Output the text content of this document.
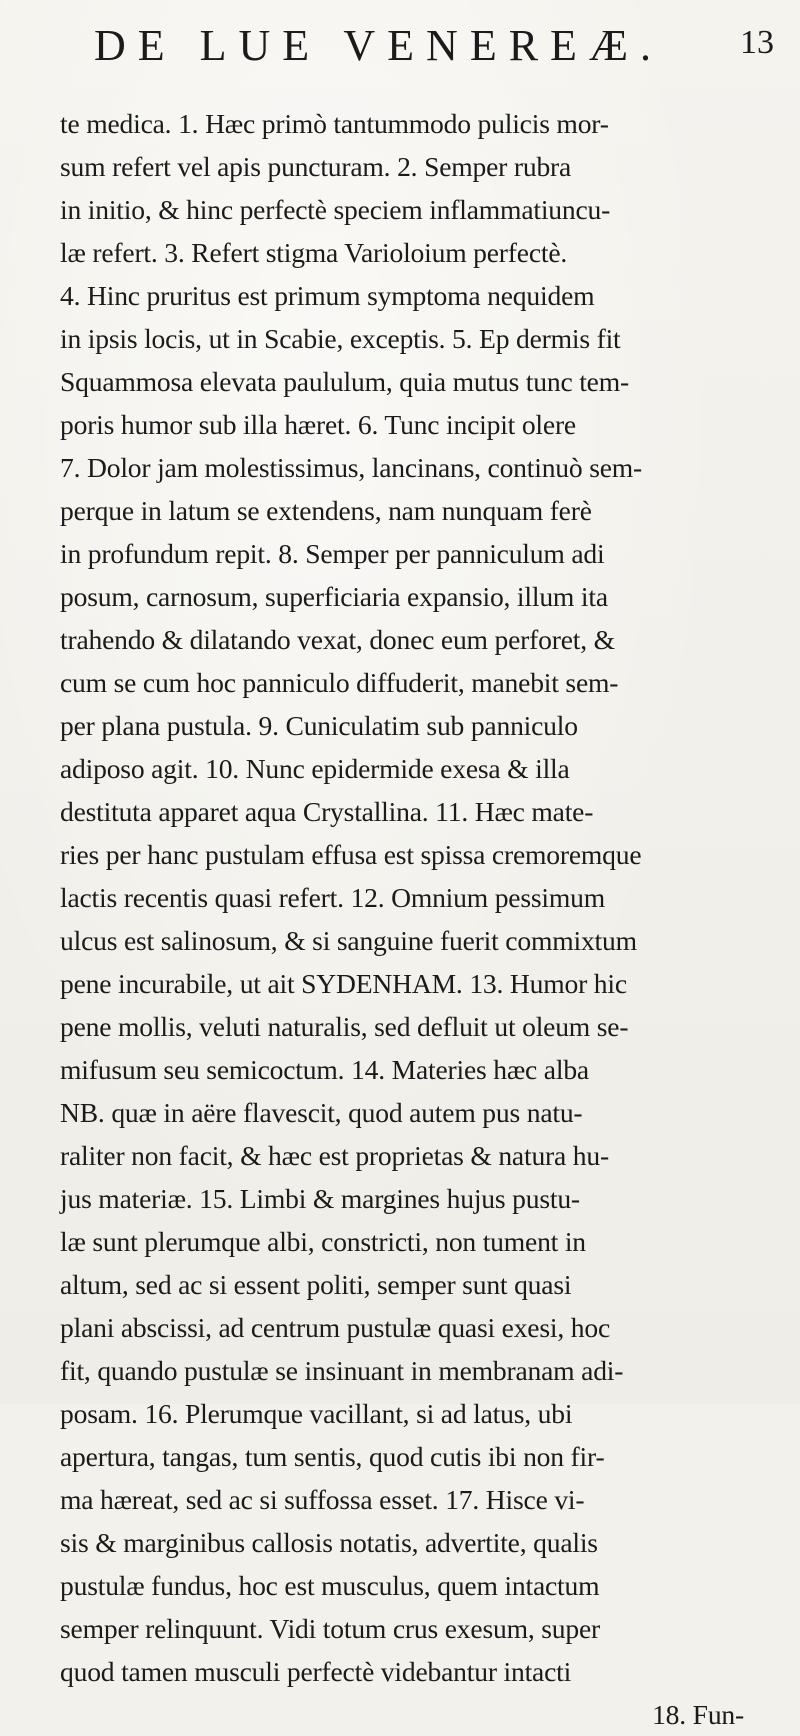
DE LUE VENEREÆ. 13
te medica. 1. Hæc primò tantummodo pulicis mor-
sum refert vel apis puncturam. 2. Semper rubra
in initio, & hinc perfectè speciem inflammatiuncu-
læ refert. 3. Refert stigma Varioloium perfectè.
4. Hinc pruritus est primum symptoma nequidem
in ipsis locis, ut in Scabie, exceptis. 5. Ep dermis fit
Squammosa elevata paululum, quia mutus tunc tem-
poris humor sub illa hæret. 6. Tunc incipit olere
7. Dolor jam molestissimus, lancinans, continuò sem-
perque in latum se extendens, nam nunquam ferè
in profundum repit. 8. Semper per panniculum adi
posum, carnosum, superficiaria expansio, illum ita
trahendo & dilatando vexat, donec eum perforet, &
cum se cum hoc panniculo diffuderit, manebit sem-
per plana pustula. 9. Cuniculatim sub panniculo
adiposo agit. 10. Nunc epidermide exesa & illa
destituta apparet aqua Crystallina. 11. Hæc mate-
ries per hanc pustulam effusa est spissa cremoremque
lactis recentis quasi refert. 12. Omnium pessimum
ulcus est salinosum, & si sanguine fuerit commixtum
pene incurabile, ut ait SYDENHAM. 13. Humor hic
pene mollis, veluti naturalis, sed defluit ut oleum se-
mifusum seu semicoctum. 14. Materies hæc alba
NB. quæ in aëre flavescit, quod autem pus natu-
raliter non facit, & hæc est proprietas & natura hu-
jus materiæ. 15. Limbi & margines hujus pustu-
læ sunt plerumque albi, constricti, non tument in
altum, sed ac si essent politi, semper sunt quasi
plani abscissi, ad centrum pustulæ quasi exesi, hoc
fit, quando pustulæ se insinuant in membranam adi-
posam. 16. Plerumque vacillant, si ad latus, ubi
apertura, tangas, tum sentis, quod cutis ibi non fir-
ma hæreat, sed ac si suffossa esset. 17. Hisce vi-
sis & marginibus callosis notatis, advertite, qualis
pustulæ fundus, hoc est musculus, quem intactum
semper relinquunt. Vidi totum crus exesum, super
quod tamen musculi perfectè videbantur intacti
18. Fun-
